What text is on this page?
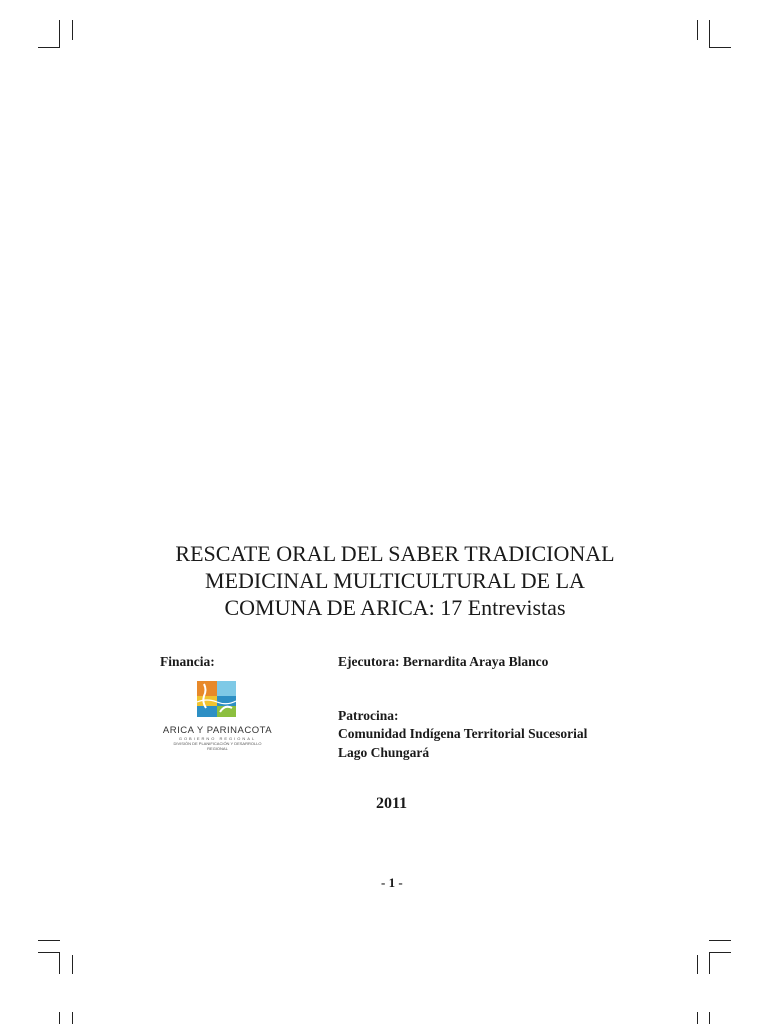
RESCATE ORAL DEL SABER TRADICIONAL
MEDICINAL MULTICULTURAL DE LA
COMUNA DE ARICA: 17 Entrevistas
Financia:	Ejecutora: Bernardita Araya Blanco
ARICA Y PARINACOTA
GOBIERNO REGIONAL
DIVISIÓN DE PLANIFICACIÓN Y DESARROLLO
REGIONAL
Patrocina:
Comunidad Indígena Territorial Sucesorial
Lago Chungará
2011
- 1 -
